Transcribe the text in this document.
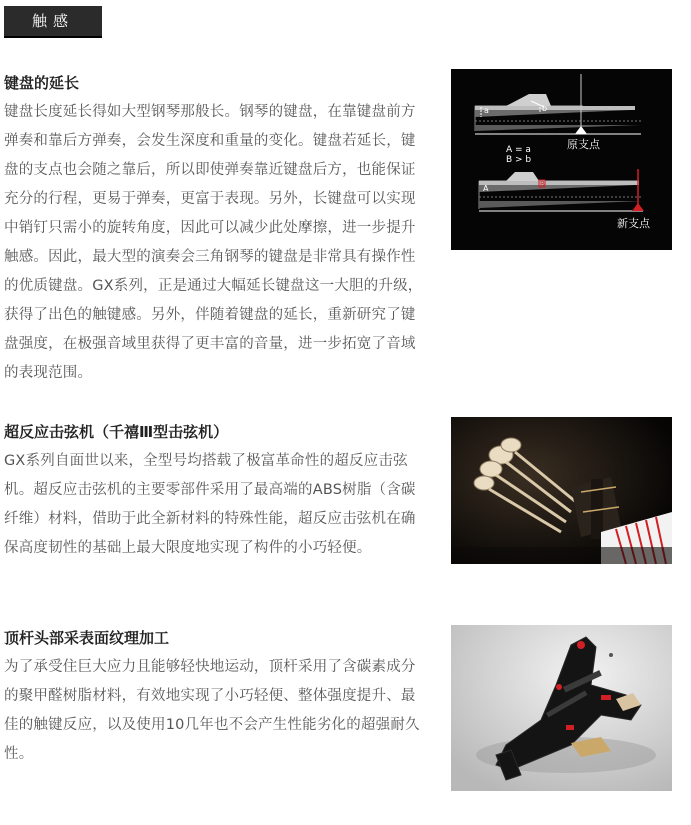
触感
键盘的延长

键盘长度延长得如大型钢琴那般长。钢琴的键盘，在靠键盘前方弹奏和靠后方弹奏，会发生深度和重量的变化。键盘若延长，键盘的支点也会随之靠后，所以即使弹奏靠近键盘后方，也能保证充分的行程，更易于弹奏，更富于表现。另外，长键盘可以实现中销钉只需小的旋转角度，因此可以减少此处摩擦，进一步提升触感。因此，最大型的演奏会三角钢琴的键盘是非常具有操作性的优质键盘。GX系列，正是通过大幅延长键盘这一大胆的升级，获得了出色的触键感。另外，伴随着键盘的延长，重新研究了键盘强度，在极强音域里获得了更丰富的音量，进一步拓宽了音域的表现范围。

a	b
原支点
A = a
B > b
A	B
新支点
超反应击弦机（千禧Ⅲ型击弦机）

GX系列自面世以来，全型号均搭载了极富革命性的超反应击弦机。超反应击弦机的主要零部件采用了最高端的ABS树脂（含碳纤维）材料，借助于此全新材料的特殊性能，超反应击弦机在确保高度韧性的基础上最大限度地实现了构件的小巧轻便。

顶杆头部采表面纹理加工

为了承受住巨大应力且能够轻快地运动，顶杆采用了含碳素成分的聚甲醛树脂材料，有效地实现了小巧轻便、整体强度提升、最佳的触键反应，以及使用10几年也不会产生性能劣化的超强耐久性。
